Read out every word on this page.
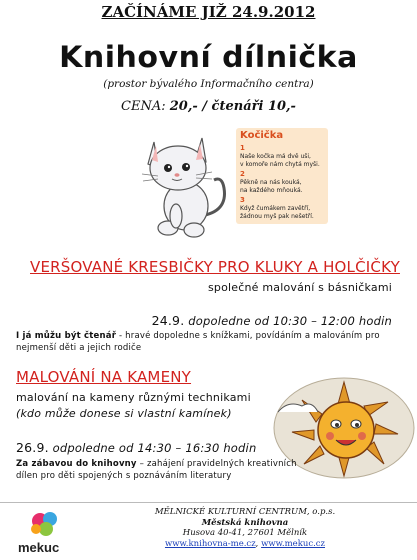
ZAČÍNÁME JIŽ 24.9.2012
Knihovní dílnička
(prostor bývalého Informačního centra)
CENA: 20,- / čtenáři 10,-
Kočička
1
Naše kočka má dvě uši,
v komoře nám chytá myši.
2
Pěkně na nás kouká,
na každého mňouká.
3
Když čumákem zavětří,
žádnou myš pak nešetří.
VERŠOVANÉ KRESBIČKY PRO KLUKY A HOLČIČKY
společné malování s básničkami
24.9. dopoledne od 10:30 – 12:00 hodin
I já můžu být čtenář - hravé dopoledne s knížkami, povídáním a malováním pro nejmenší děti a jejich rodiče
MALOVÁNÍ NA KAMENY
malování na kameny různými technikami
(kdo může donese si vlastní kamínek)
26.9. odpoledne od 14:30 – 16:30 hodin
Za zábavou do knihovny – zahájení pravidelných kreativních dílen pro děti spojených s poznáváním literatury
mekuc
MĚLNICKÉ KULTURNÍ CENTRUM, o.p.s.
Městská knihovna
Husova 40-41, 27601 Mělník
www.knihovna-me.cz, www.mekuc.cz
